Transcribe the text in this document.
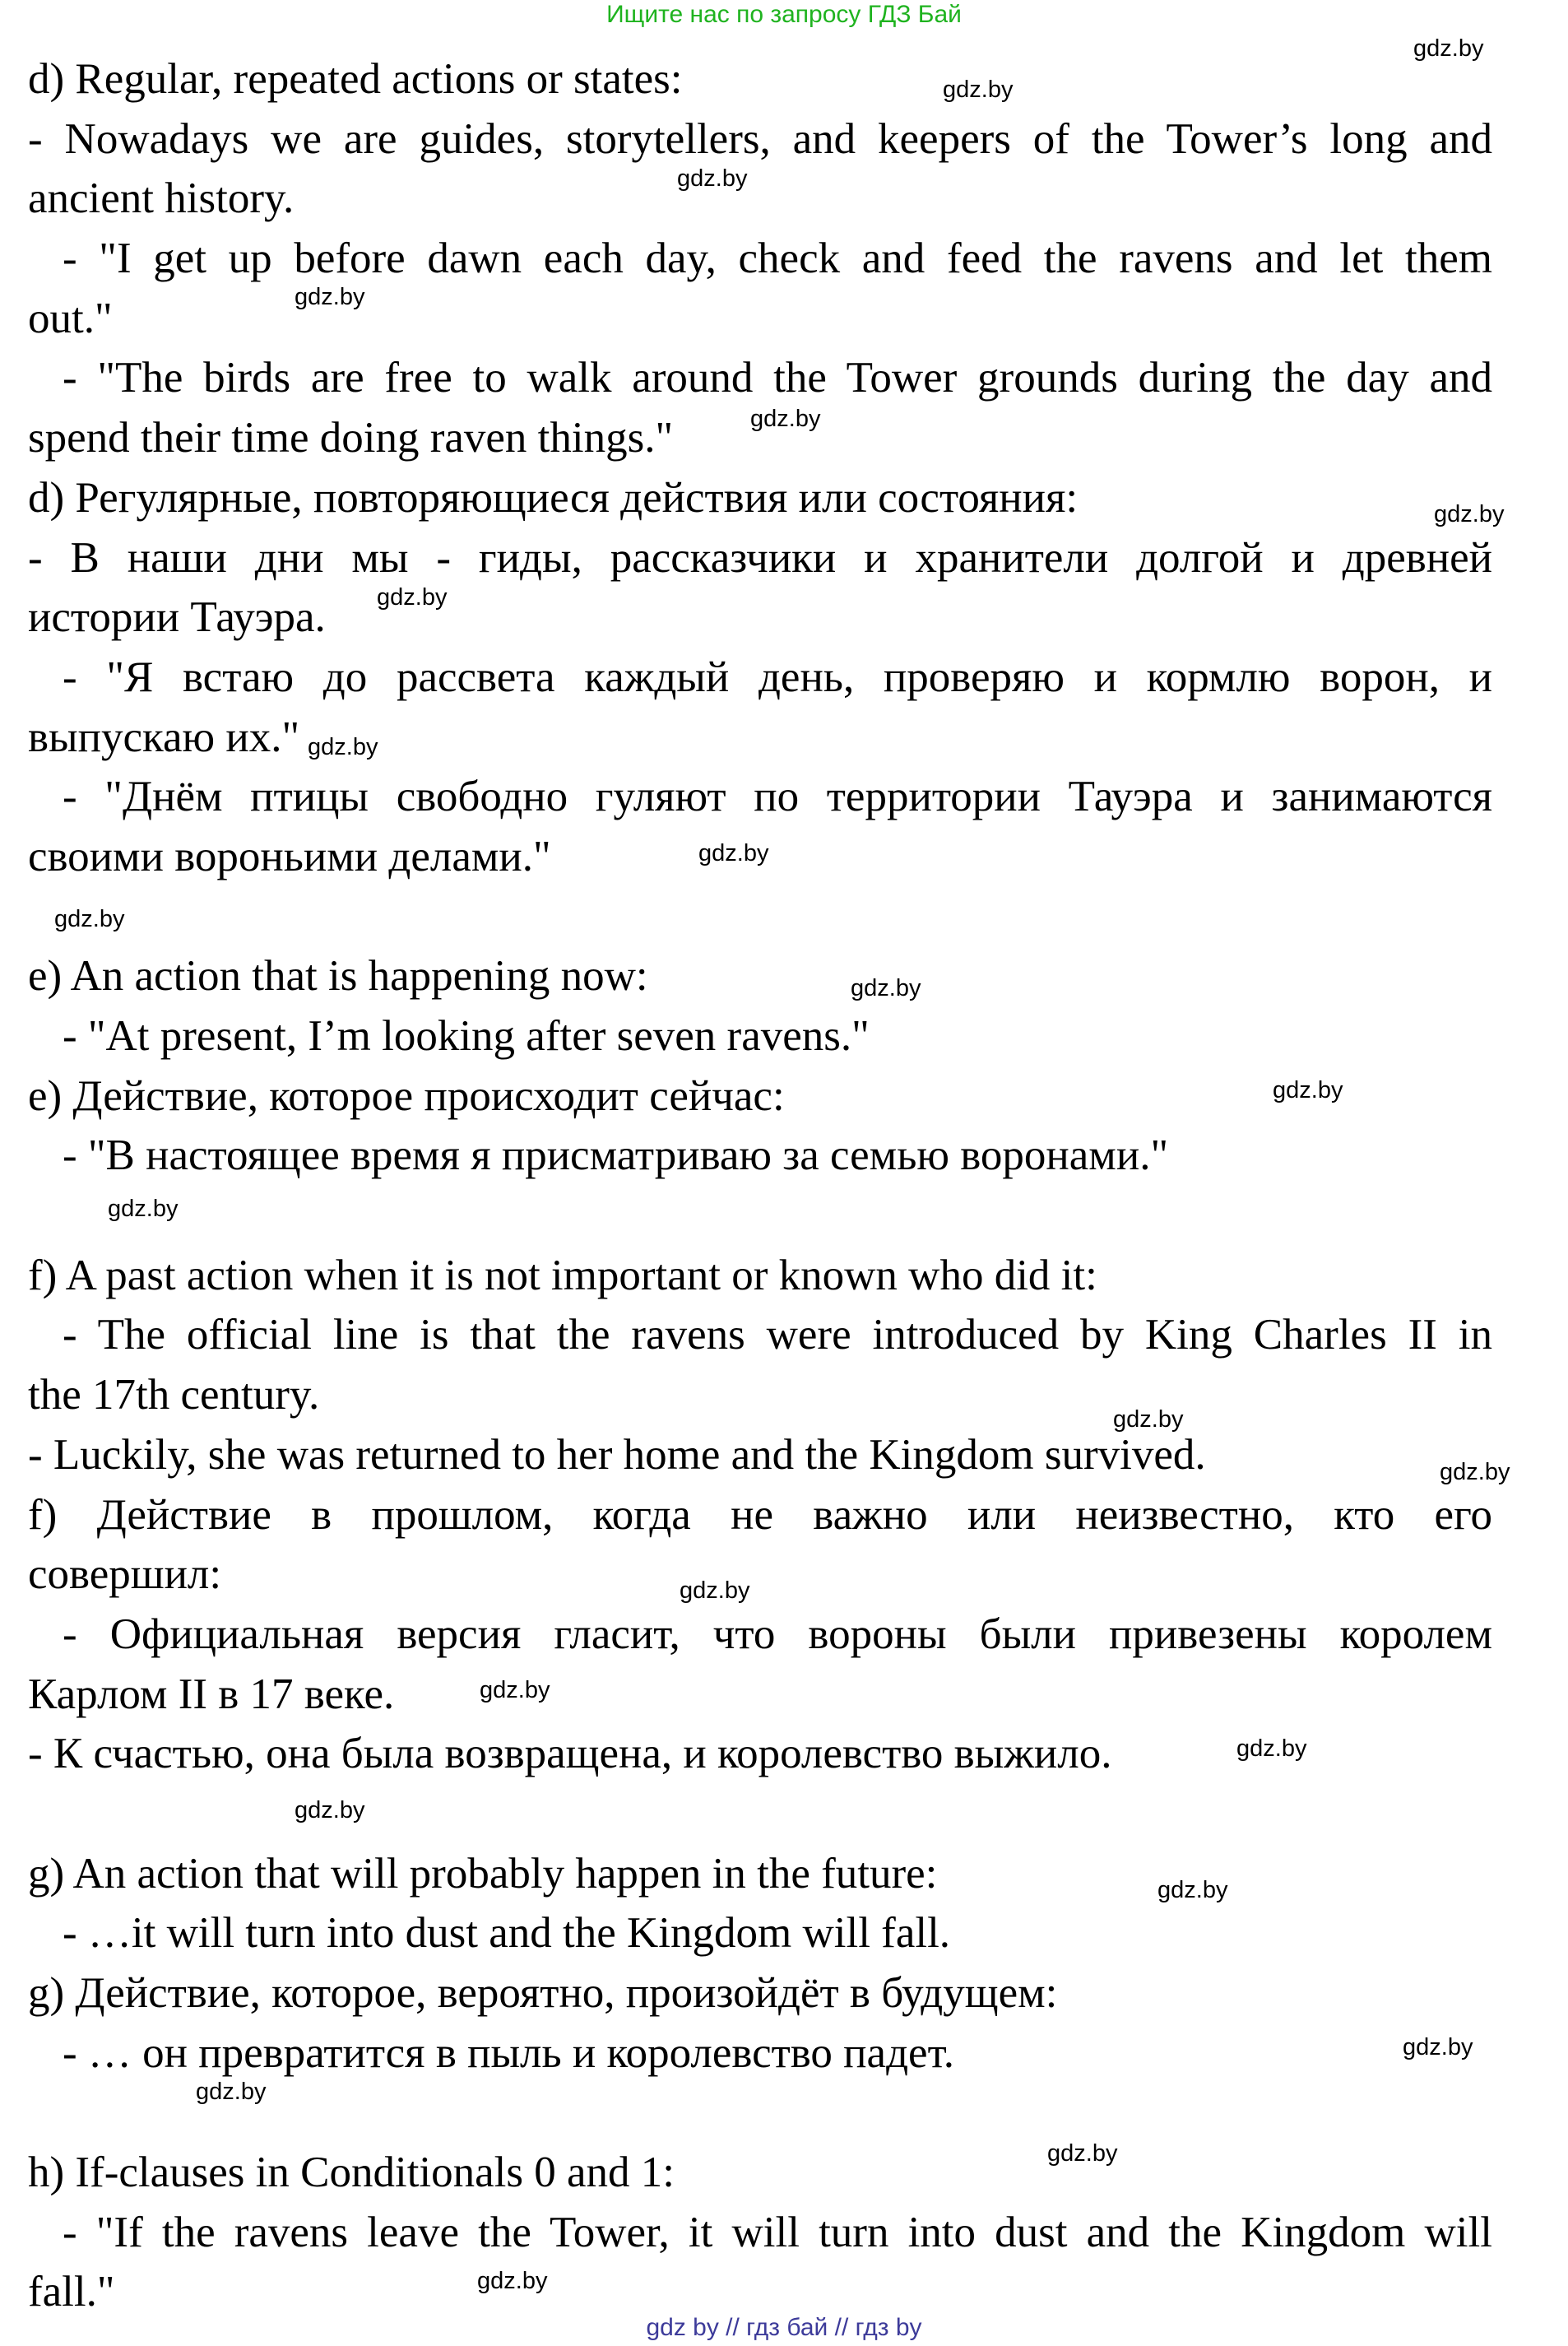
Ищите нас по запросу ГДЗ Бай
d) Regular, repeated actions or states:
- Nowadays we are guides, storytellers, and keepers of the Tower’s long and
ancient history.
- "I get up before dawn each day, check and feed the ravens and let them
out."
- "The birds are free to walk around the Tower grounds during the day and
spend their time doing raven things."
d) Регулярные, повторяющиеся действия или состояния:
- В наши дни мы - гиды, рассказчики и хранители долгой и древней
истории Тауэра.
- "Я встаю до рассвета каждый день, проверяю и кормлю ворон, и
выпускаю их."
- "Днём птицы свободно гуляют по территории Тауэра и занимаются
своими вороньими делами."
e) An action that is happening now:
- "At present, I’m looking after seven ravens."
e) Действие, которое происходит сейчас:
- "В настоящее время я присматриваю за семью воронами."
f) A past action when it is not important or known who did it:
- The official line is that the ravens were introduced by King Charles II in
the 17th century.
- Luckily, she was returned to her home and the Kingdom survived.
f) Действие в прошлом, когда не важно или неизвестно, кто его
совершил:
- Официальная версия гласит, что вороны были привезены королем
Карлом II в 17 веке.
- К счастью, она была возвращена, и королевство выжило.
g) An action that will probably happen in the future:
- …it will turn into dust and the Kingdom will fall.
g) Действие, которое, вероятно, произойдёт в будущем:
- … он превратится в пыль и королевство падет.
h) If-clauses in Conditionals 0 and 1:
- "If the ravens leave the Tower, it will turn into dust and the Kingdom will
fall."
gdz.by
gdz.by
gdz.by
gdz.by
gdz.by
gdz.by
gdz.by
gdz.by
gdz.by
gdz.by
gdz.by
gdz.by
gdz.by
gdz.by
gdz.by
gdz.by
gdz.by
gdz.by
gdz.by
gdz.by
gdz.by
gdz.by
gdz.by
gdz.by
gdz by // гдз бай // гдз by
